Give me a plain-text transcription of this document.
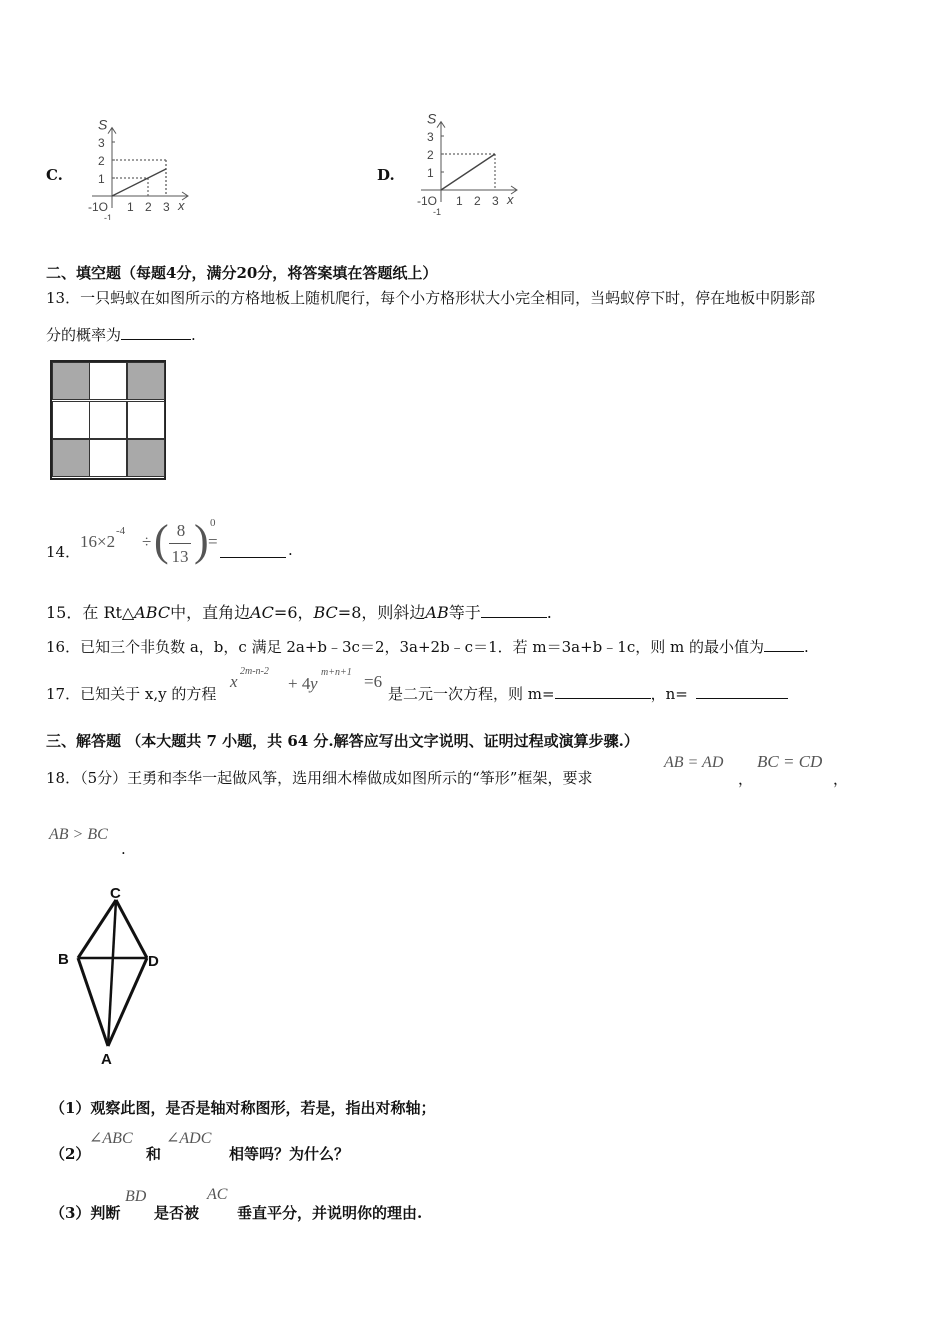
C.
S
x
3
2
1
1 2 3
-1O
-1
D.
S
x
3
2
1
1 2 3
-1O
-1
二、填空题（每题4分，满分20分，将答案填在答题纸上）
13．一只蚂蚁在如图所示的方格地板上随机爬行，每个小方格形状大小完全相同，当蚂蚁停下时，停在地板中阴影部
分的概率为	.
14．
16×2
-4
÷ ( 8
13 ) 0
=	.
15．在 Rt△ABC中，直角边AC=6，BC=8，则斜边AB等于	.
16．已知三个非负数 a，b，c 满足 2a+b﹣3c＝2，3a+2b﹣c＝1．若 m＝3a+b﹣1c，则 m 的最小值为	.
17．已知关于 x,y 的方程
x
2m-n-2
+ 4 y
m+n+1 =6
是二元一次方程，则 m=	，n=
三、解答题 （本大题共 7 小题，共 64 分.解答应写出文字说明、证明过程或演算步骤.）
18．（5分）王勇和李华一起做风筝，选用细木棒做成如图所示的“筝形”框架，要求
AB = AD
，
BC = CD
，
AB > BC
.
C
B	D
A
（1）观察此图，是否是轴对称图形，若是，指出对称轴；
（2）
∠ABC
和
∠ADC
相等吗？为什么？
（3）判断
BD
是否被
AC
垂直平分，并说明你的理由.
